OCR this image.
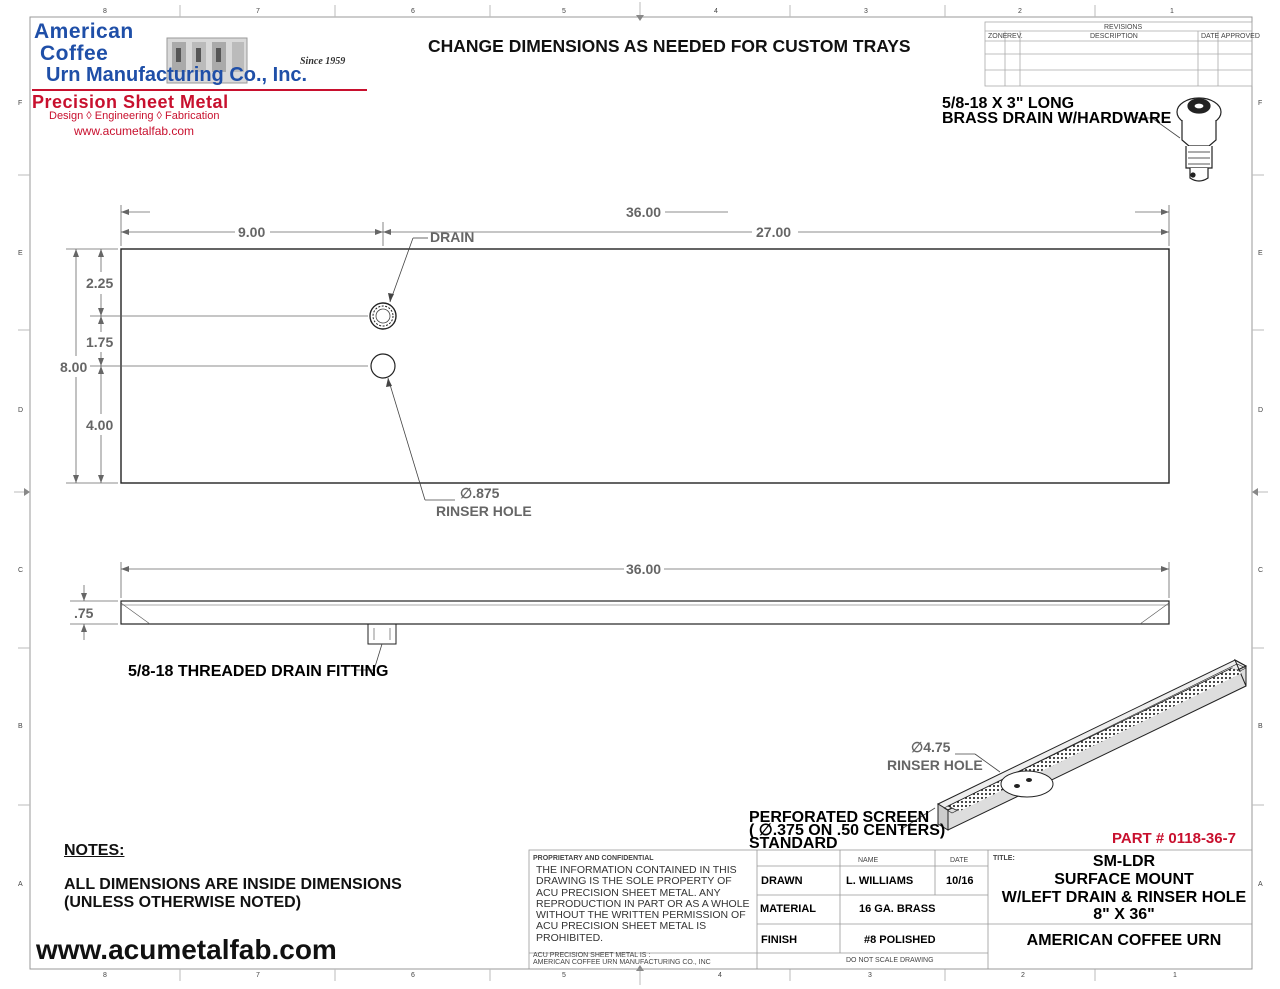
8	7	6	5	4	3	2	1
8	7	6	5	4	3	2	1
F
E
D
C
B
A
F
E
D
C
B
A
REVISIONS
ZONE REV.	DESCRIPTION	DATE APPROVED
36.00
9.00	27.00
8.00
2.25
1.75
4.00
DRAIN
∅.875
RINSER HOLE
36.00
.75
5/8-18 THREADED DRAIN FITTING
5/8-18 X 3" LONG
BRASS DRAIN W/HARDWARE
∅4.75
RINSER HOLE
PERFORATED SCREEN
( ∅.375 ON .50 CENTERS)
STANDARD	PART # 0118-36-7
PROPRIETARY AND CONFIDENTIAL
ACU PRECISION SHEET METAL IS :
AMERICAN COFFEE URN MANUFACTURING CO., INC
NAME	DATE
DRAWN	L. WILLIAMS	10/16
MATERIAL	16 GA. BRASS
FINISH	#8 POLISHED
DO NOT SCALE DRAWING
TITLE:	SM-LDR
SURFACE MOUNT
W/LEFT DRAIN & RINSER HOLE
8" X 36"
AMERICAN COFFEE URN
THE INFORMATION CONTAINED IN THIS DRAWING IS THE SOLE PROPERTY OF ACU PRECISION SHEET METAL. ANY REPRODUCTION IN PART OR AS A WHOLE WITHOUT THE WRITTEN PERMISSION OF ACU PRECISION SHEET METAL IS PROHIBITED.
CHANGE DIMENSIONS AS NEEDED FOR CUSTOM TRAYS
American
Coffee
Urn Manufacturing Co., Inc.
Since 1959
Precision Sheet Metal
Design ◊ Engineering ◊ Fabrication
www.acumetalfab.com
NOTES:
ALL DIMENSIONS ARE INSIDE DIMENSIONS
(UNLESS OTHERWISE NOTED)
www.acumetalfab.com
